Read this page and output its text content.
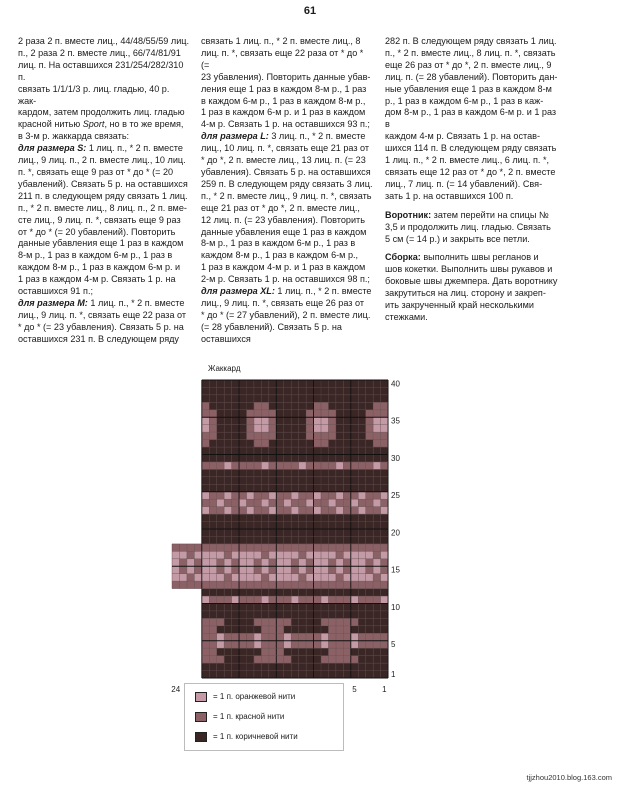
61

2 раза 2 п. вместе лиц., 44/48/55/59 лиц.

п., 2 раза 2 п. вместе лиц., 66/74/81/91

лиц. п. На оставшихся 231/254/282/310 п.

связать 1/1/1/3 р. лиц. гладью, 40 р. жак-

кардом, затем продолжить лиц. гладью

красной нитью Sport, но в то же время,

в 3-м р. жаккарда связать:

для размера S: 1 лиц. п., * 2 п. вместе

лиц., 9 лиц. п., 2 п. вместе лиц., 10 лиц.

п. *, связать еще 9 раз от * до * (= 20

убавлений). Связать 5 р. на оставшихся

211 п. в следующем ряду связать 1 лиц.

п., * 2 п. вместе лиц., 8 лиц. п., 2 п. вме-

сте лиц., 9 лиц. п. *, связать еще 9 раз

от * до * (= 20 убавлений). Повторить

данные убавления еще 1 раз в каждом

8-м р., 1 раз в каждом 6-м р., 1 раз в

каждом 8-м р., 1 раз в каждом 6-м р. и

1 раз в каждом 4-м р. Связать 1 р. на

оставшихся 91 п.;

для размера M: 1 лиц. п., * 2 п. вместе

лиц., 9 лиц. п. *, связать еще 22 раза от

* до * (= 23 убавления). Связать 5 р. на

оставшихся 231 п. В следующем ряду

связать 1 лиц. п., * 2 п. вместе лиц., 8

лиц. п. *, связать еще 22 раза от * до * (=

23 убавления). Повторить данные убав-

ления еще 1 раз в каждом 8-м р., 1 раз

в каждом 6-м р., 1 раз в каждом 8-м р.,

1 раз в каждом 6-м р. и 1 раз в каждом

4-м р. Связать 1 р. на оставшихся 93 п.;

для размера L: 3 лиц. п., * 2 п. вместе

лиц., 10 лиц. п. *, связать еще 21 раз от

* до *, 2 п. вместе лиц., 13 лиц. п. (= 23

убавления). Связать 5 р. на оставшихся

259 п. В следующем ряду связать 3 лиц.

п., * 2 п. вместе лиц., 9 лиц. п. *, связать

еще 21 раз от * до *, 2 п. вместе лиц.,

12 лиц. п. (= 23 убавления). Повторить

данные убавления еще 1 раз в каждом

8-м р., 1 раз в каждом 6-м р., 1 раз в

каждом 8-м р., 1 раз в каждом 6-м р.,

1 раз в каждом 4-м р. и 1 раз в каждом

2-м р. Связать 1 р. на оставшихся 98 п.;

для размера XL: 1 лиц. п., * 2 п. вместе

лиц., 9 лиц. п. *, связать еще 26 раз от

* до * (= 27 убавлений), 2 п. вместе лиц.

(= 28 убавлений). Связать 5 р. на оставшихся

282 п. В следующем ряду связать 1 лиц.

п., * 2 п. вместе лиц., 8 лиц. п. *, связать

еще 26 раз от * до *, 2 п. вместе лиц., 9

лиц. п. (= 28 убавлений). Повторить дан-

ные убавления еще 1 раз в каждом 8-м

р., 1 раз в каждом 6-м р., 1 раз в каж-

дом 8-м р., 1 раз в каждом 6-м р. и 1 раз в

каждом 4-м р. Связать 1 р. на остав-

шихся 114 п. В следующем ряду связать

1 лиц. п., * 2 п. вместе лиц., 6 лиц. п. *,

связать еще 12 раз от * до *, 2 п. вместе

лиц., 7 лиц. п. (= 14 убавлений). Свя-

зать 1 р. на оставшихся 100 п.

Воротник: затем перейти на спицы №

3,5 и продолжить лиц. гладью. Связать

5 см (= 14 р.) и закрыть все петли.

Сборка: выполнить швы регланов и

шов кокетки. Выполнить швы рукавов и

боковые швы джемпера. Дать воротнику

закрутиться на лиц. сторону и закреп-

ить закрученный край несколькими

стежками.

Жаккард
40
35
30
25
20
15
10
5
1
24	5	1
= 1 п. оранжевой нити
= 1 п. красной нити
= 1 п. коричневой нити
tjjzhou2010.blog.163.com
